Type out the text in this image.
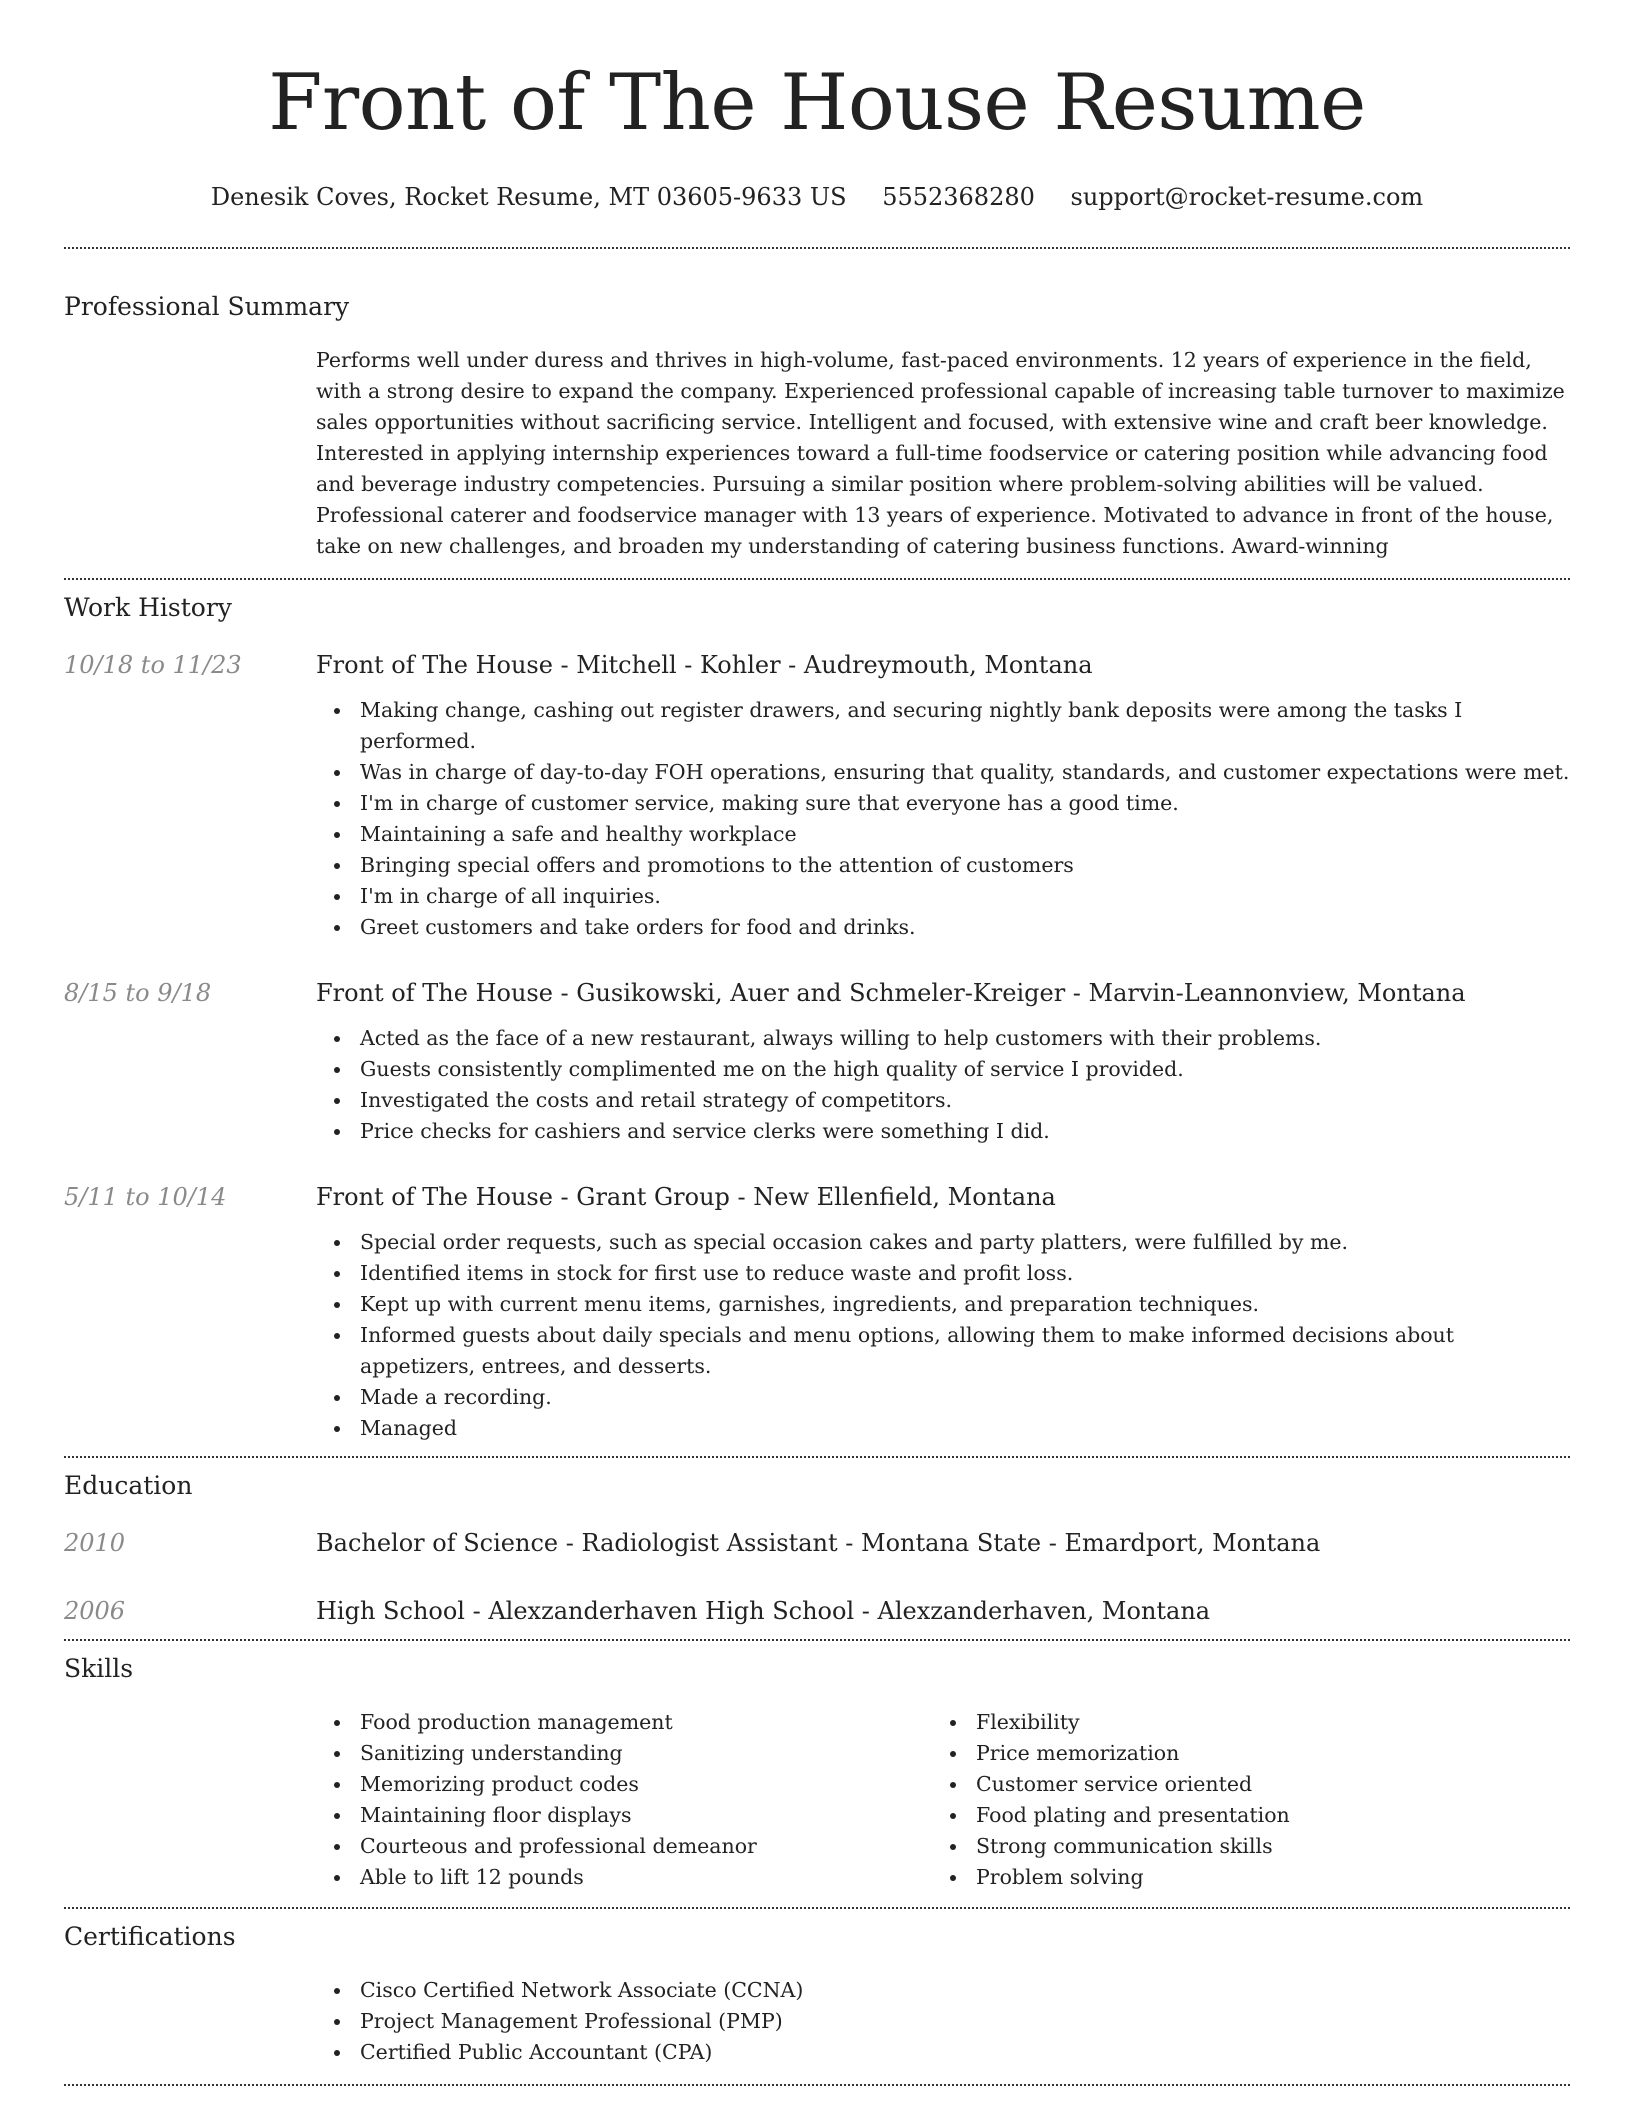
Front of The House Resume
Denesik Coves, Rocket Resume, MT 03605-9633 US 5552368280 support@rocket-resume.com
Professional Summary

Performs well under duress and thrives in high-volume, fast-paced environments. 12 years of experience in the field, with a strong desire to expand the company. Experienced professional capable of increasing table turnover to maximize sales opportunities without sacrificing service. Intelligent and focused, with extensive wine and craft beer knowledge. Interested in applying internship experiences toward a full-time foodservice or catering position while advancing food and beverage industry competencies. Pursuing a similar position where problem-solving abilities will be valued. Professional caterer and foodservice manager with 13 years of experience. Motivated to advance in front of the house, take on new challenges, and broaden my understanding of catering business functions. Award-winning

Work History
10/18 to 11/23	Front of The House - Mitchell - Kohler - Audreymouth, Montana
Making change, cashing out register drawers, and securing nightly bank deposits were among the tasks I performed.
Was in charge of day-to-day FOH operations, ensuring that quality, standards, and customer expectations were met.
I'm in charge of customer service, making sure that everyone has a good time.
Maintaining a safe and healthy workplace
Bringing special offers and promotions to the attention of customers
I'm in charge of all inquiries.
Greet customers and take orders for food and drinks.
8/15 to 9/18	Front of The House - Gusikowski, Auer and Schmeler-Kreiger - Marvin-Leannonview, Montana
Acted as the face of a new restaurant, always willing to help customers with their problems.
Guests consistently complimented me on the high quality of service I provided.
Investigated the costs and retail strategy of competitors.
Price checks for cashiers and service clerks were something I did.
5/11 to 10/14	Front of The House - Grant Group - New Ellenfield, Montana
Special order requests, such as special occasion cakes and party platters, were fulfilled by me.
Identified items in stock for first use to reduce waste and profit loss.
Kept up with current menu items, garnishes, ingredients, and preparation techniques.
Informed guests about daily specials and menu options, allowing them to make informed decisions about appetizers, entrees, and desserts.
Made a recording.
Managed
Education
2010	Bachelor of Science - Radiologist Assistant - Montana State - Emardport, Montana
2006	High School - Alexzanderhaven High School - Alexzanderhaven, Montana
Skills
Food production management
Sanitizing understanding
Memorizing product codes
Maintaining floor displays
Courteous and professional demeanor
Able to lift 12 pounds
Flexibility
Price memorization
Customer service oriented
Food plating and presentation
Strong communication skills
Problem solving
Certifications
Cisco Certified Network Associate (CCNA)
Project Management Professional (PMP)
Certified Public Accountant (CPA)
